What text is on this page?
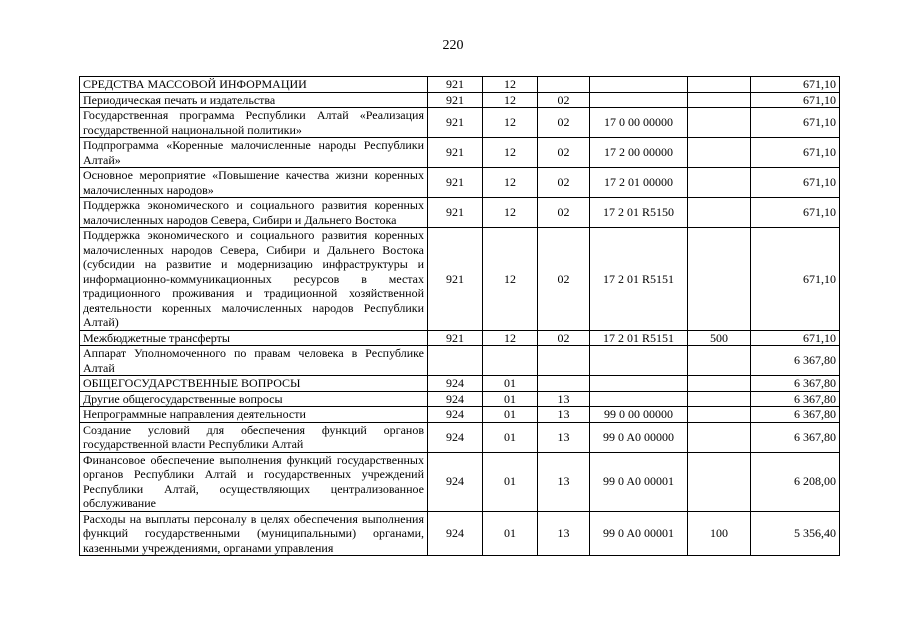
220
СРЕДСТВА МАССОВОЙ ИНФОРМАЦИИ	921	12				671,10
Периодическая печать и издательства	921	12	02			671,10
Государственная программа Республики Алтай «Реализация государственной национальной политики»	921	12	02	17 0 00 00000		671,10
Подпрограмма «Коренные малочисленные народы Республики Алтай»	921	12	02	17 2 00 00000		671,10
Основное мероприятие «Повышение качества жизни коренных малочисленных народов»	921	12	02	17 2 01 00000		671,10
Поддержка экономического и социального развития коренных малочисленных народов Севера, Сибири и Дальнего Востока	921	12	02	17 2 01 R5150		671,10
Поддержка экономического и социального развития коренных малочисленных народов Севера, Сибири и Дальнего Востока (субсидии на развитие и модернизацию инфраструктуры и информационно-коммуникационных ресурсов в местах традиционного проживания и традиционной хозяйственной деятельности коренных малочисленных народов Республики Алтай)	921	12	02	17 2 01 R5151		671,10
Межбюджетные трансферты	921	12	02	17 2 01 R5151	500	671,10
Аппарат Уполномоченного по правам человека в Республике Алтай						6 367,80
ОБЩЕГОСУДАРСТВЕННЫЕ ВОПРОСЫ	924	01				6 367,80
Другие общегосударственные вопросы	924	01	13			6 367,80
Непрограммные направления деятельности	924	01	13	99 0 00 00000		6 367,80
Создание условий для обеспечения функций органов государственной власти Республики Алтай	924	01	13	99 0 A0 00000		6 367,80
Финансовое обеспечение выполнения функций государственных органов Республики Алтай и государственных учреждений Республики Алтай, осуществляющих централизованное обслуживание	924	01	13	99 0 A0 00001		6 208,00
Расходы на выплаты персоналу в целях обеспечения выполнения функций государственными (муниципальными) органами, казенными учреждениями, органами управления	924	01	13	99 0 A0 00001	100	5 356,40
